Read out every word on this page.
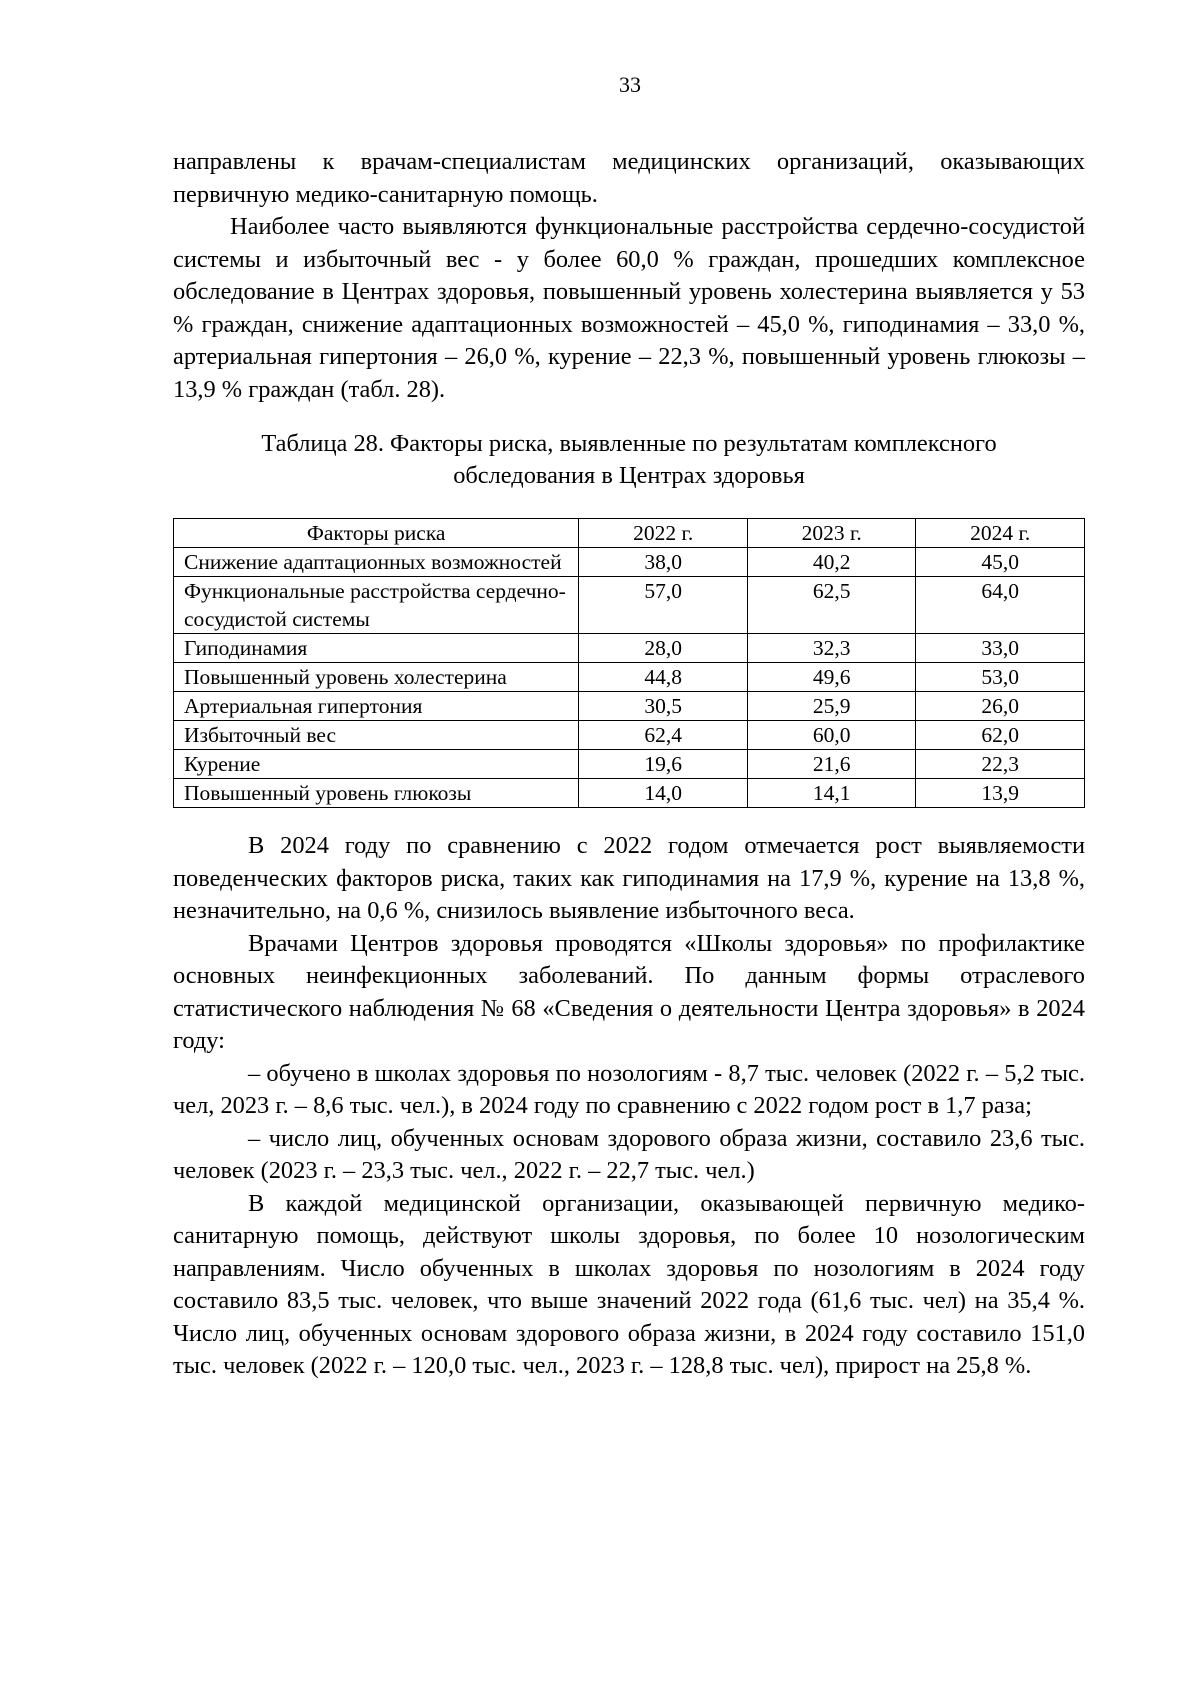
33

направлены к врачам-специалистам медицинских организаций, оказывающих первичную медико-санитарную помощь.

Наиболее часто выявляются функциональные расстройства сердечно-сосудистой системы и избыточный вес - у более 60,0 % граждан, прошедших комплексное обследование в Центрах здоровья, повышенный уровень холестерина выявляется у 53 % граждан, снижение адаптационных возможностей – 45,0 %, гиподинамия – 33,0 %, артериальная гипертония – 26,0 %, курение – 22,3 %, повышенный уровень глюкозы – 13,9 % граждан (табл. 28).

Таблица 28. Факторы риска, выявленные по результатам комплексного
обследования в Центрах здоровья

Факторы риска	2022 г.	2023 г.	2024 г.
Снижение адаптационных возможностей	38,0	40,2	45,0
Функциональные расстройства сердечно-сосудистой системы	57,0	62,5	64,0
Гиподинамия	28,0	32,3	33,0
Повышенный уровень холестерина	44,8	49,6	53,0
Артериальная гипертония	30,5	25,9	26,0
Избыточный вес	62,4	60,0	62,0
Курение	19,6	21,6	22,3
Повышенный уровень глюкозы	14,0	14,1	13,9

В 2024 году по сравнению с 2022 годом отмечается рост выявляемости поведенческих факторов риска, таких как гиподинамия на 17,9 %, курение на 13,8 %, незначительно, на 0,6 %, снизилось выявление избыточного веса.

Врачами Центров здоровья проводятся «Школы здоровья» по профилактике основных неинфекционных заболеваний. По данным формы отраслевого статистического наблюдения № 68 «Сведения о деятельности Центра здоровья» в 2024 году:

– обучено в школах здоровья по нозологиям - 8,7 тыс. человек (2022 г. – 5,2 тыс. чел, 2023 г. – 8,6 тыс. чел.), в 2024 году по сравнению с 2022 годом рост в 1,7 раза;

– число лиц, обученных основам здорового образа жизни, составило 23,6 тыс. человек (2023 г. – 23,3 тыс. чел., 2022 г. – 22,7 тыс. чел.)

В каждой медицинской организации, оказывающей первичную медико-санитарную помощь, действуют школы здоровья, по более 10 нозологическим направлениям. Число обученных в школах здоровья по нозологиям в 2024 году составило 83,5 тыс. человек, что выше значений 2022 года (61,6 тыс. чел) на 35,4 %. Число лиц, обученных основам здорового образа жизни, в 2024 году составило 151,0 тыс. человек (2022 г. – 120,0 тыс. чел., 2023 г. – 128,8 тыс. чел), прирост на 25,8 %.
